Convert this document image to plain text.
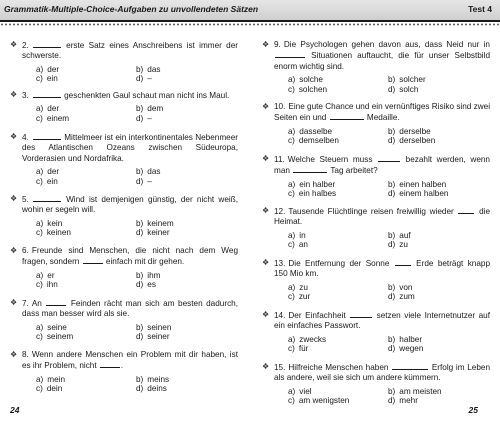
Grammatik-Multiple-Choice-Aufgaben zu unvollendeten Sätzen	Test 4
❖ 2.	erste Satz eines Anschreibens ist immer der schwerste.
a) der	b) das
c) ein	d) –
❖ 3.	geschenkten Gaul schaut man nicht ins Maul.
a) der	b) dem
c) einem	d) –
❖ 4.	Mittelmeer ist ein interkontinentales Nebenmeer des Atlantischen Ozeans zwischen Südeuropa, Vorderasien und Nordafrika.
a) der	b) das
c) ein	d) –
❖ 5.	Wind ist demjenigen günstig, der nicht weiß, wohin er segeln will.
a) kein	b) keinem
c) keinen	d) keiner
❖ 6. Freunde sind Menschen, die nicht nach dem Weg fragen, sondern	einfach mit dir gehen.
a) er	b) ihm
c) ihn	d) es
❖ 7. An	Feinden rächt man sich am besten dadurch, dass man besser wird als sie.
a) seine	b) seinen
c) seinem	d) seiner
❖ 8. Wenn andere Menschen ein Problem mit dir haben, ist es ihr Problem, nicht	.
a) mein	b) meins
c) dein	d) deins
❖ 9. Die Psychologen gehen davon aus, dass Neid nur in  Situationen auftaucht, die für unser Selbstbild enorm wichtig sind.
a) solche	b) solcher
c) solchen	d) solch
❖ 10. Eine gute Chance und ein vernünftiges Risiko sind zwei Seiten ein und	Medaille.
a) dasselbe	b) derselbe
c) demselben	d) derselben
❖ 11. Welche Steuern muss	bezahlt werden, wenn man	Tag arbeitet?
a) ein halber	b) einen halben
c) ein halbes	d) einem halben
❖ 12. Tausende Flüchtlinge reisen freiwillig wieder  die Heimat.
a) in	b) auf
c) an	d) zu
❖ 13. Die Entfernung der Sonne  Erde beträgt knapp 150 Mio km.
a) zu	b) von
c) zur	d) zum
❖ 14. Der Einfachheit	setzen viele Internetnutzer auf ein einfaches Passwort.
a) zwecks	b) halber
c) für	d) wegen
❖ 15. Hilfreiche Menschen haben	Erfolg im Leben als andere, weil sie sich um andere kümmern.
a) viel	b) am meisten
c) am wenigsten	d) mehr
24	25
